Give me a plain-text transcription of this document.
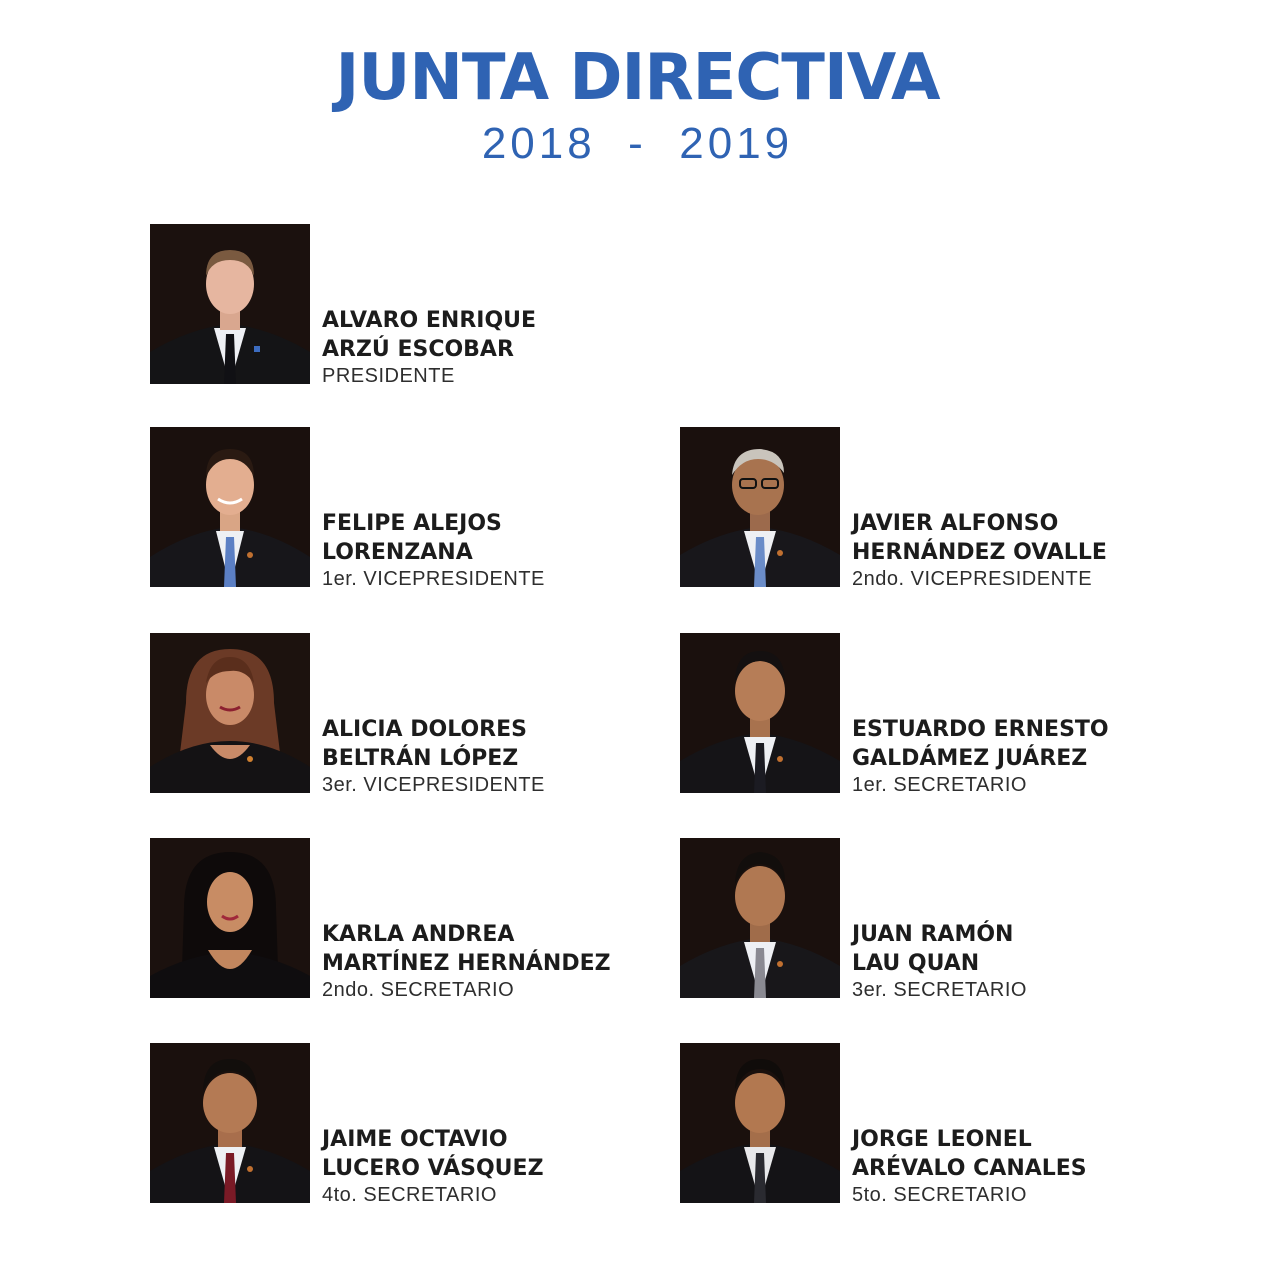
JUNTA DIRECTIVA
2018  -  2019
ALVARO ENRIQUE
ARZÚ ESCOBAR
PRESIDENTE
FELIPE ALEJOS
LORENZANA
1er. VICEPRESIDENTE
JAVIER ALFONSO
HERNÁNDEZ OVALLE
2ndo. VICEPRESIDENTE
ALICIA DOLORES
BELTRÁN LÓPEZ
3er. VICEPRESIDENTE
ESTUARDO ERNESTO
GALDÁMEZ JUÁREZ
1er. SECRETARIO
KARLA ANDREA
MARTÍNEZ HERNÁNDEZ
2ndo. SECRETARIO
JUAN RAMÓN
LAU QUAN
3er. SECRETARIO
JAIME OCTAVIO
LUCERO VÁSQUEZ
4to. SECRETARIO
JORGE LEONEL
ARÉVALO CANALES
5to. SECRETARIO
